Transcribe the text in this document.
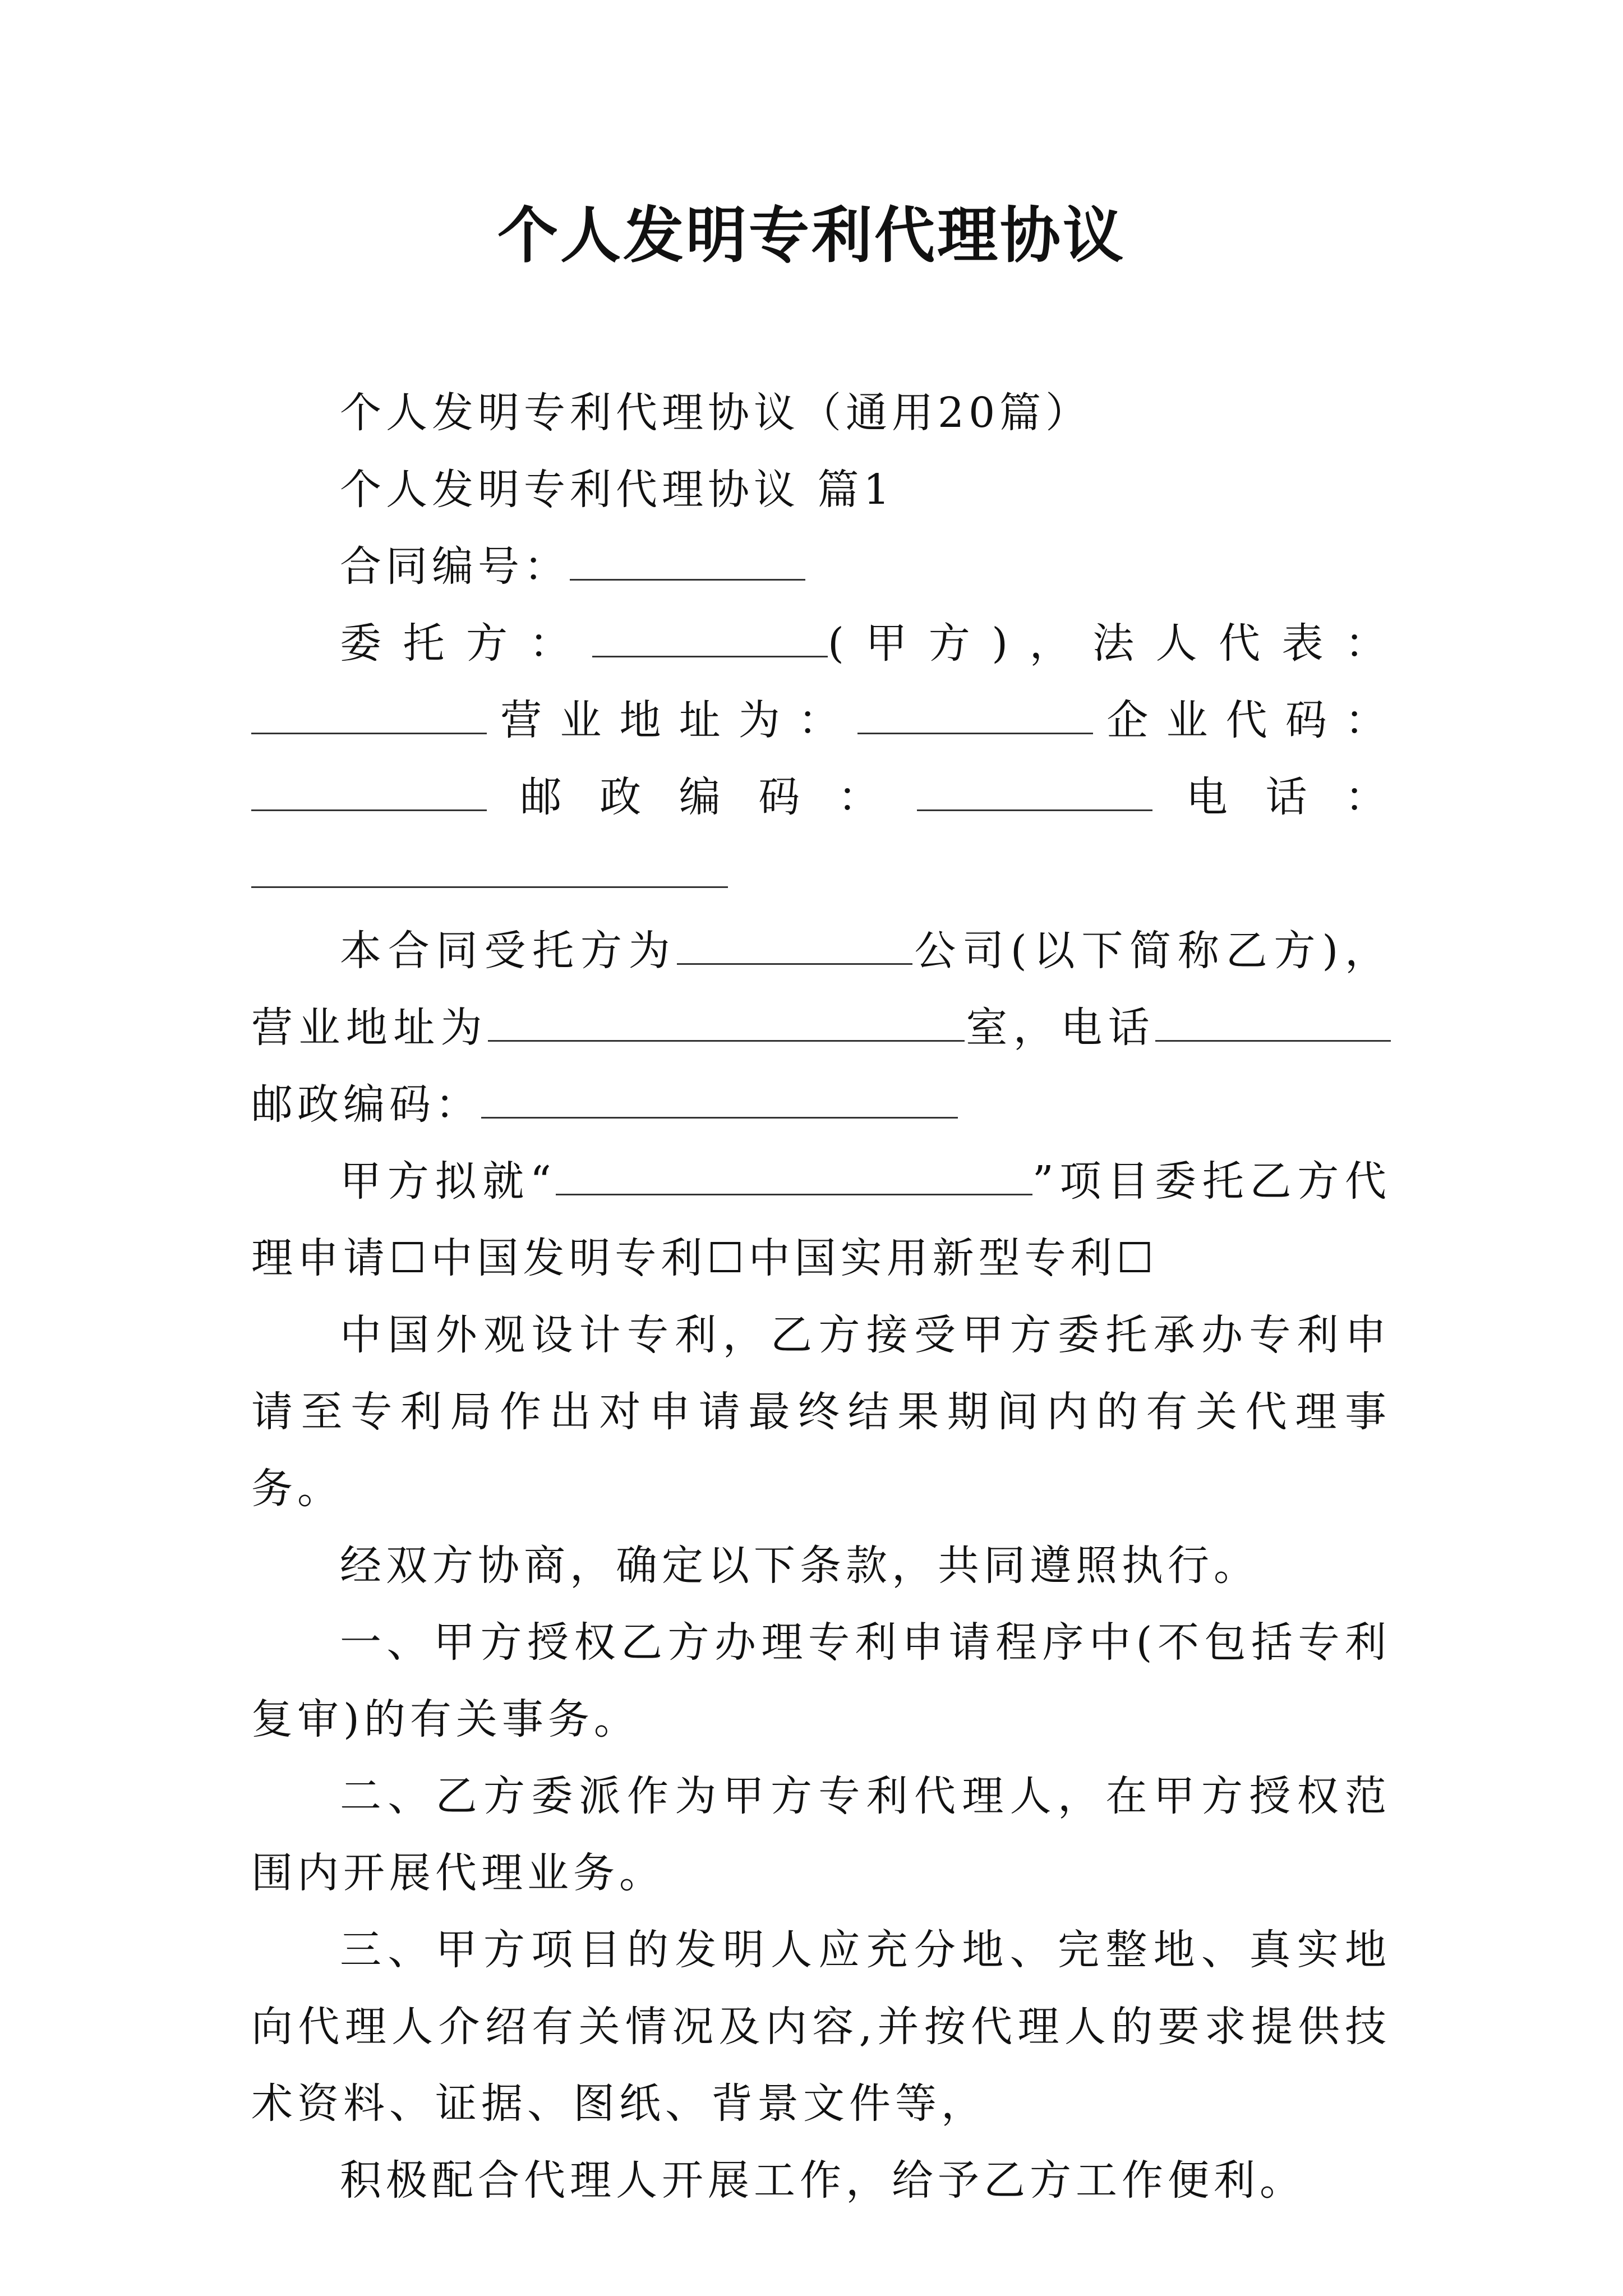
个人发明专利代理协议

个人发明专利代理协议（通用20篇）

个人发明专利代理协议 篇1

合同编号：

委托方：	(甲方)，法人代表：营业地址为：	企业代码：邮政编码：	电话：

本合同受托方为	公司(以下简称乙方)，营业地址为	室，电话邮政编码：

甲方拟就“	”项目委托乙方代理申请☐中国发明专利☐中国实用新型专利☐

中国外观设计专利，乙方接受甲方委托承办专利申请至专利局作出对申请最终结果期间内的有关代理事务。

经双方协商，确定以下条款，共同遵照执行。

一、甲方授权乙方办理专利申请程序中(不包括专利复审)的有关事务。

二、乙方委派作为甲方专利代理人，在甲方授权范围内开展代理业务。

三、甲方项目的发明人应充分地、完整地、真实地向代理人介绍有关情况及内容,并按代理人的要求提供技术资料、证据、图纸、背景文件等，

积极配合代理人开展工作，给予乙方工作便利。
